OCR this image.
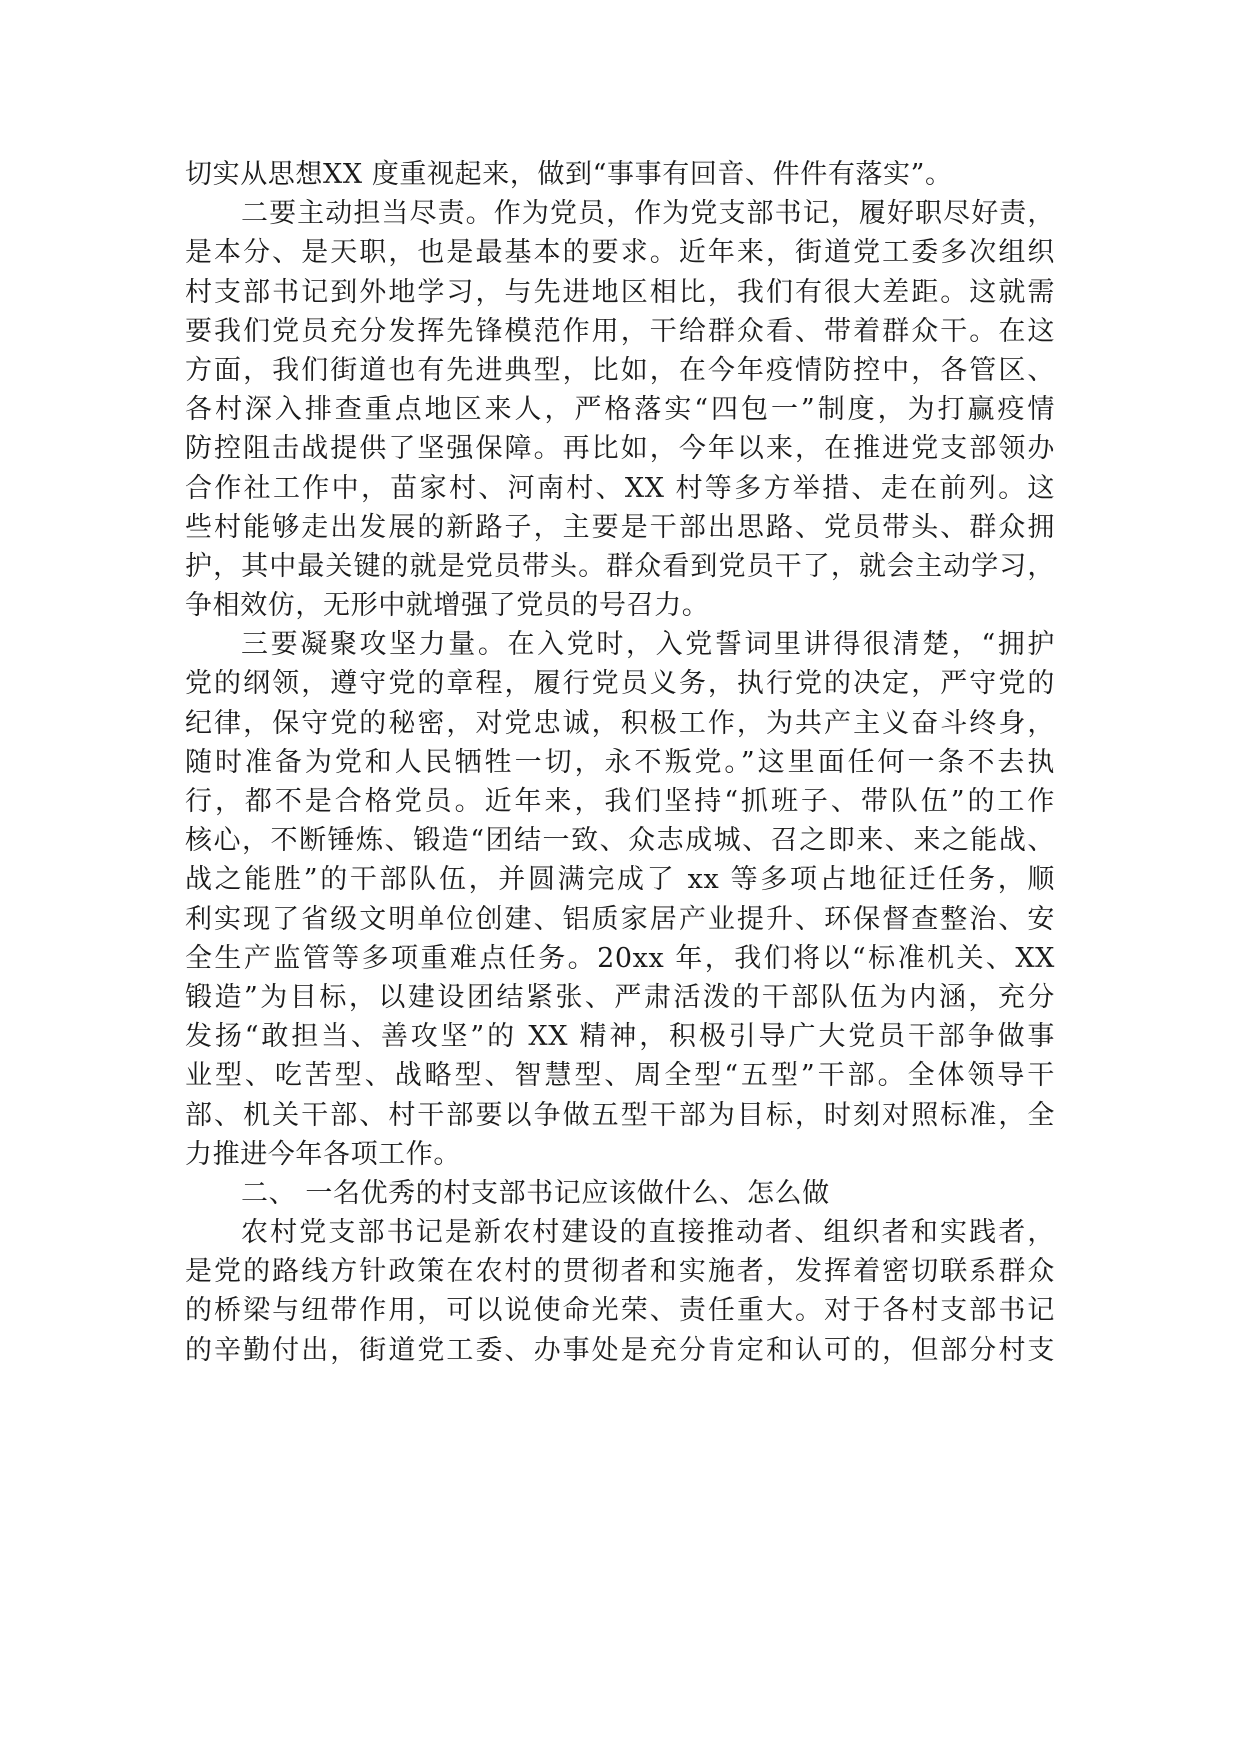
切实从思想XX 度重视起来，做到“事事有回音、件件有落实”。
二要主动担当尽责。作为党员，作为党支部书记，履好职尽好责，
是本分、是天职，也是最基本的要求。近年来，街道党工委多次组织
村支部书记到外地学习，与先进地区相比，我们有很大差距。这就需
要我们党员充分发挥先锋模范作用，干给群众看、带着群众干。在这
方面，我们街道也有先进典型，比如，在今年疫情防控中，各管区、
各村深入排查重点地区来人，严格落实“四包一”制度，为打赢疫情
防控阻击战提供了坚强保障。再比如，今年以来，在推进党支部领办
合作社工作中，苗家村、河南村、XX 村等多方举措、走在前列。这
些村能够走出发展的新路子，主要是干部出思路、党员带头、群众拥
护，其中最关键的就是党员带头。群众看到党员干了，就会主动学习，
争相效仿，无形中就增强了党员的号召力。
三要凝聚攻坚力量。在入党时，入党誓词里讲得很清楚，“拥护
党的纲领，遵守党的章程，履行党员义务，执行党的决定，严守党的
纪律，保守党的秘密，对党忠诚，积极工作，为共产主义奋斗终身，
随时准备为党和人民牺牲一切，永不叛党。”这里面任何一条不去执
行，都不是合格党员。近年来，我们坚持“抓班子、带队伍”的工作
核心，不断锤炼、锻造“团结一致、众志成城、召之即来、来之能战、
战之能胜”的干部队伍，并圆满完成了 xx 等多项占地征迁任务，顺
利实现了省级文明单位创建、铝质家居产业提升、环保督查整治、安
全生产监管等多项重难点任务。20xx 年，我们将以“标准机关、XX
锻造”为目标，以建设团结紧张、严肃活泼的干部队伍为内涵，充分
发扬“敢担当、善攻坚”的 XX 精神，积极引导广大党员干部争做事
业型、吃苦型、战略型、智慧型、周全型“五型”干部。全体领导干
部、机关干部、村干部要以争做五型干部为目标，时刻对照标准，全
力推进今年各项工作。
二、 一名优秀的村支部书记应该做什么、怎么做
农村党支部书记是新农村建设的直接推动者、组织者和实践者，
是党的路线方针政策在农村的贯彻者和实施者，发挥着密切联系群众
的桥梁与纽带作用，可以说使命光荣、责任重大。对于各村支部书记
的辛勤付出，街道党工委、办事处是充分肯定和认可的，但部分村支
